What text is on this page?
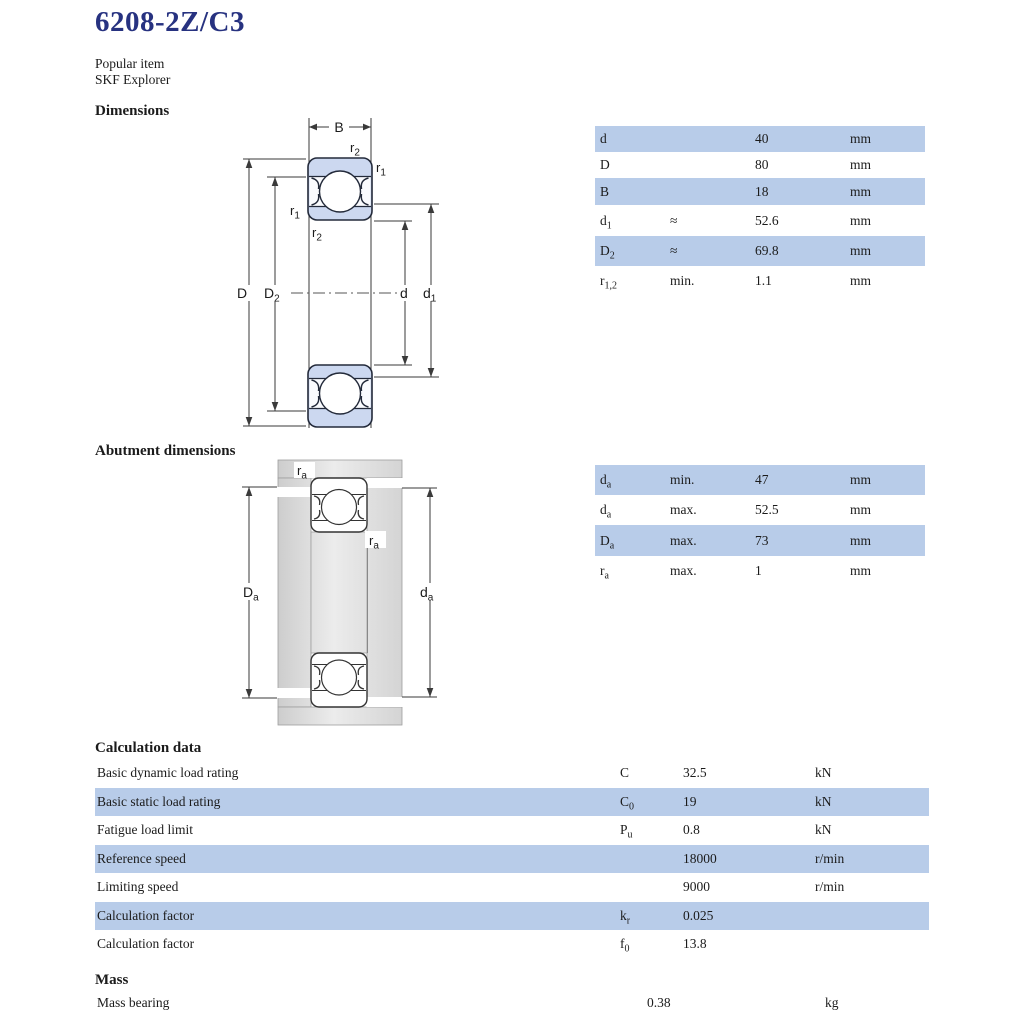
6208-2Z/C3
Popular item
SKF Explorer
Dimensions
B
$r_2$
$r_1$
$r_1$
$r_2$
D $D_2$	d $d_1$
d	40	mm
D	80	mm
B	18	mm
$d_1$	≈	52.6	mm
$D_2$	≈	69.8	mm
$r_{1,2}$	min.	1.1	mm
Abutment dimensions
$r_a$
$r_a$
$D_a$	$d_a$
$d_a$	min.	47	mm
$d_a$	max.	52.5	mm
$D_a$	max.	73	mm
$r_a$	max.	1	mm
Calculation data
Basic dynamic load rating	C	32.5	kN
Basic static load rating	$C_0$	19	kN
Fatigue load limit	$P_u$	0.8	kN
Reference speed	18000	r/min
Limiting speed	9000	r/min
Calculation factor	$k_r$	0.025
Calculation factor	$f_0$	13.8
Mass
Mass bearing	0.38	kg
